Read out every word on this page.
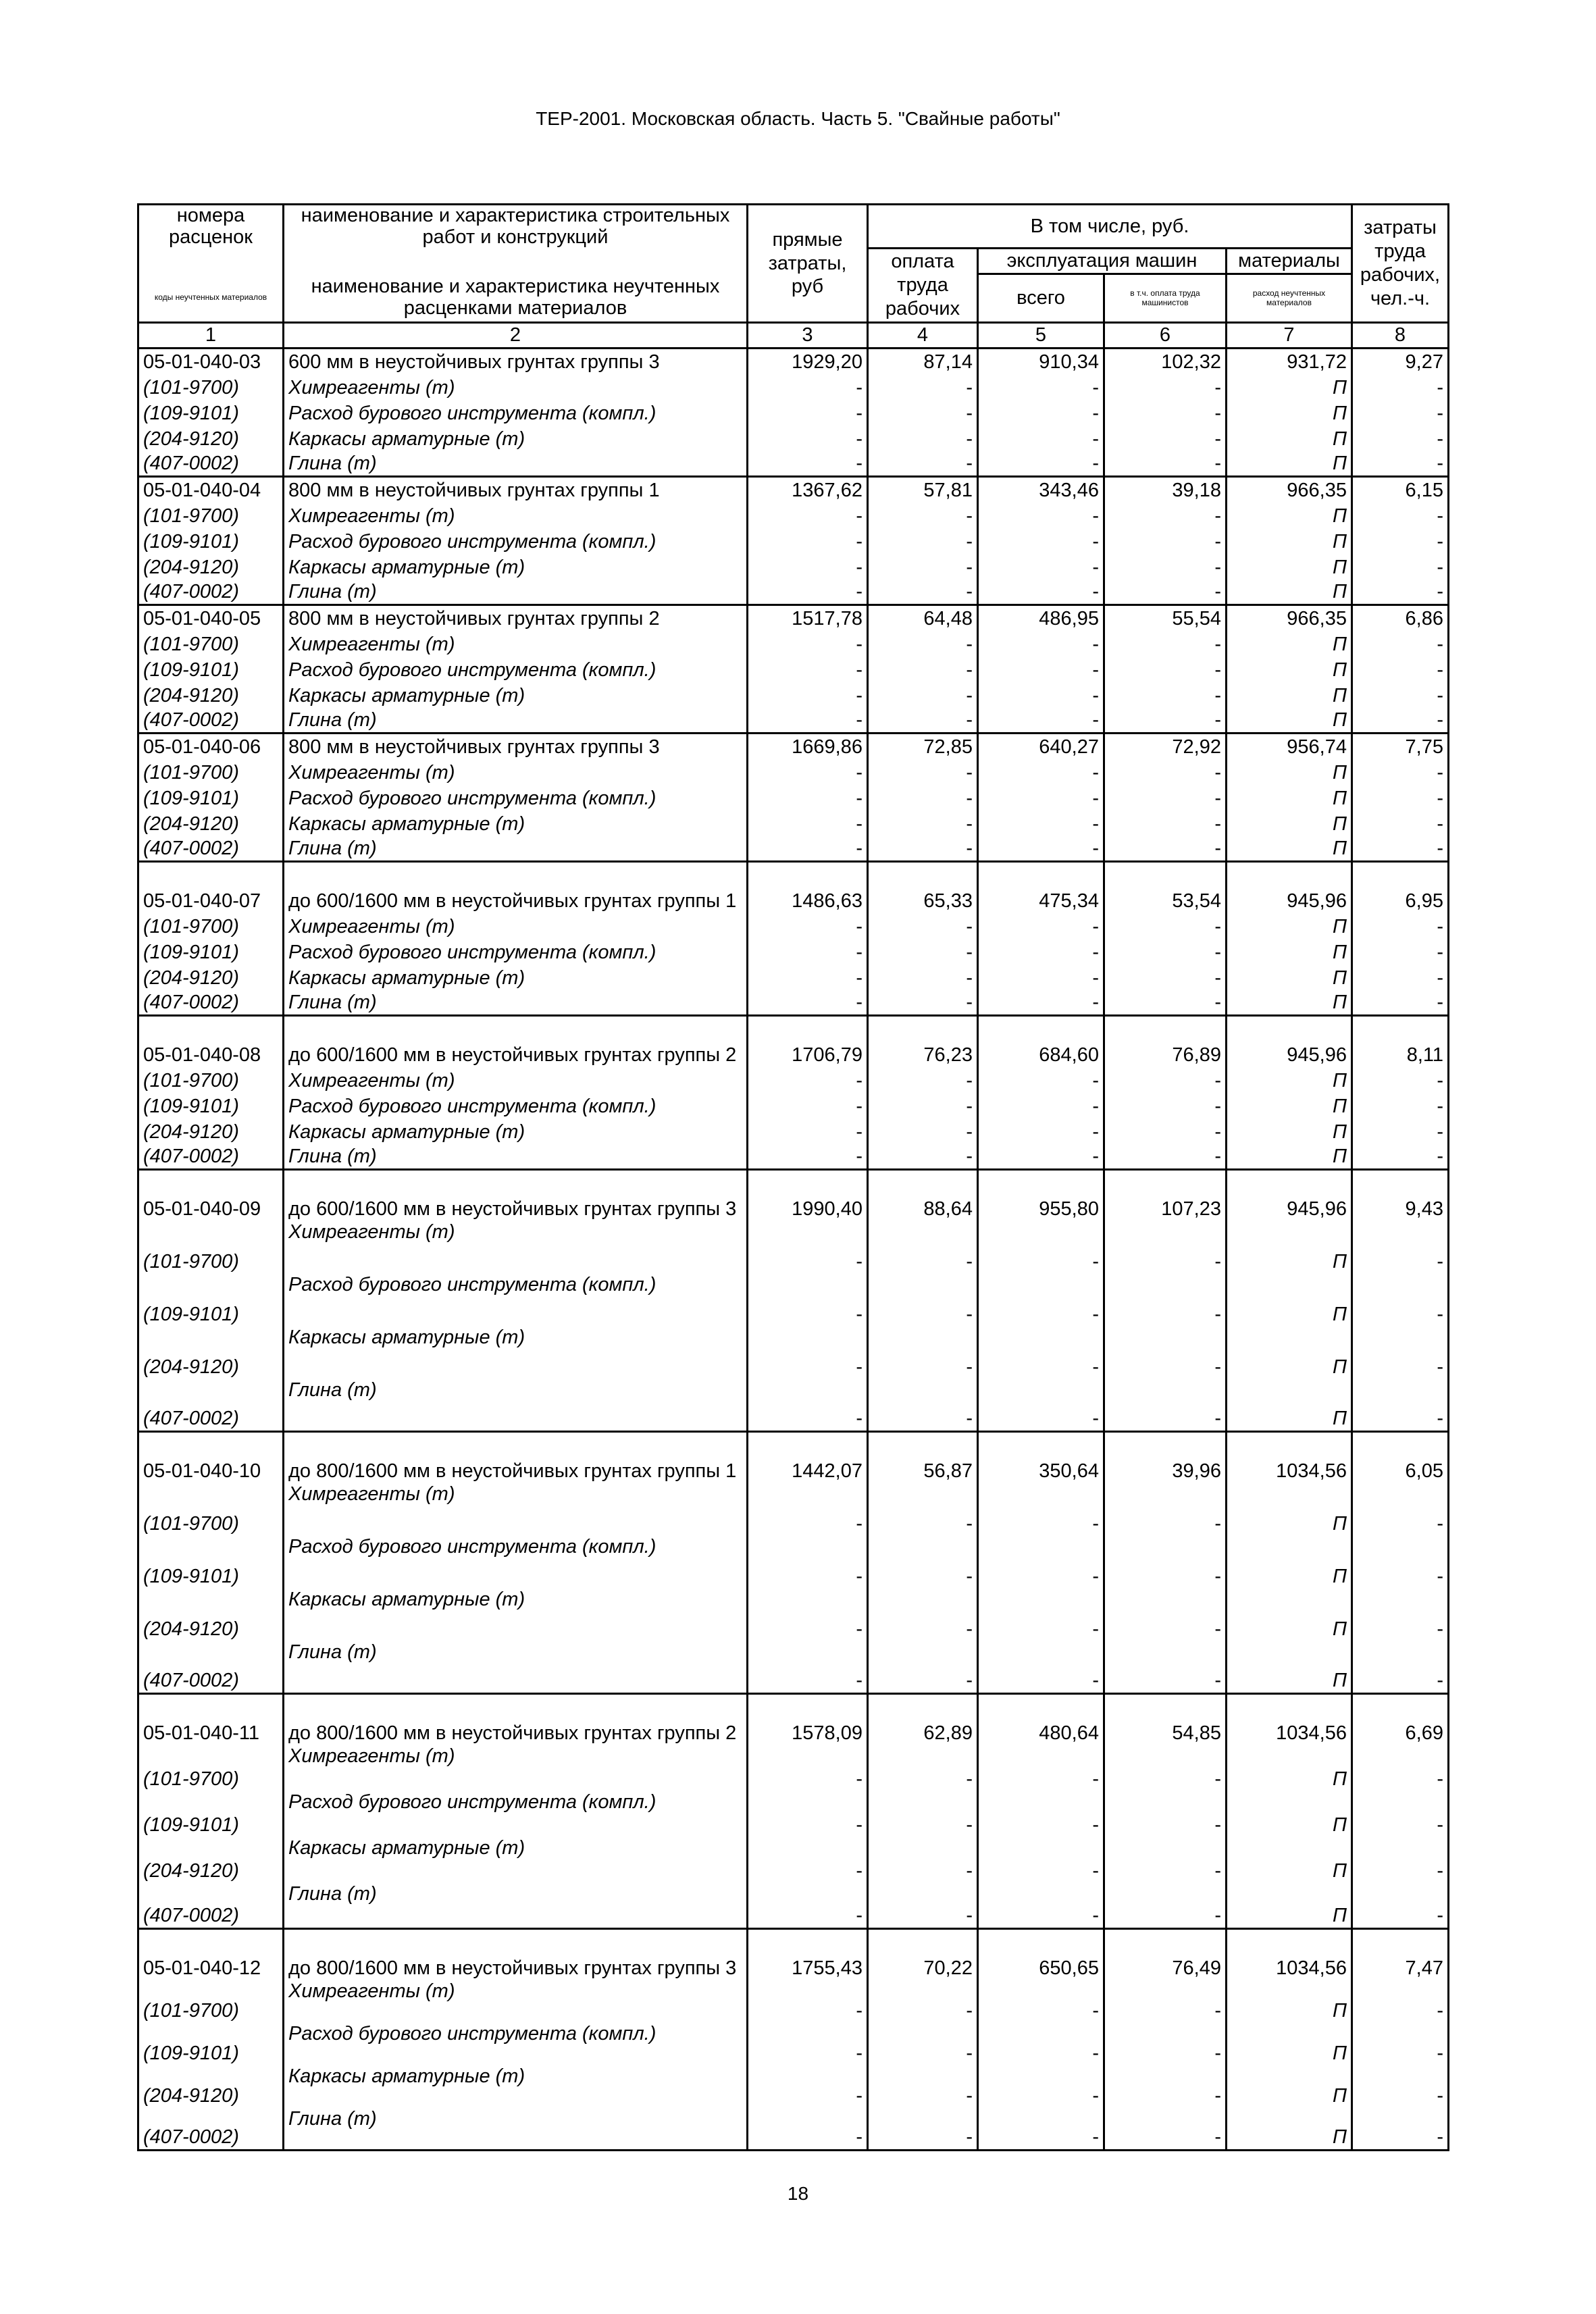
ТЕР-2001. Московская область. Часть 5. "Свайные работы"
номера расценок	наименование и характеристика строительных работ и конструкций	прямые затраты, руб	В том числе, руб.				затраты труда рабочих, чел.-ч.
			оплата труда рабочих	эксплуатация машин		материалы	
коды неучтенных материалов	наименование и характеристика неучтенных расценками материалов			всего	в т.ч. оплата труда машинистов	расход неучтенных материалов	
1	2	3	4	5	6	7	8
05-01-040-03	600 мм в неустойчивых грунтах группы 3	1929,20	87,14	910,34	102,32	931,72	9,27
(101-9700)	Химреагенты (т)	-	-	-	-	П	-
(109-9101)	Расход бурового инструмента (компл.)	-	-	-	-	П	-
(204-9120)	Каркасы арматурные (т)	-	-	-	-	П	-
(407-0002)	Глина (т)	-	-	-	-	П	-
05-01-040-04	800 мм в неустойчивых грунтах группы 1	1367,62	57,81	343,46	39,18	966,35	6,15
(101-9700)	Химреагенты (т)	-	-	-	-	П	-
(109-9101)	Расход бурового инструмента (компл.)	-	-	-	-	П	-
(204-9120)	Каркасы арматурные (т)	-	-	-	-	П	-
(407-0002)	Глина (т)	-	-	-	-	П	-
05-01-040-05	800 мм в неустойчивых грунтах группы 2	1517,78	64,48	486,95	55,54	966,35	6,86
(101-9700)	Химреагенты (т)	-	-	-	-	П	-
(109-9101)	Расход бурового инструмента (компл.)	-	-	-	-	П	-
(204-9120)	Каркасы арматурные (т)	-	-	-	-	П	-
(407-0002)	Глина (т)	-	-	-	-	П	-
05-01-040-06	800 мм в неустойчивых грунтах группы 3	1669,86	72,85	640,27	72,92	956,74	7,75
(101-9700)	Химреагенты (т)	-	-	-	-	П	-
(109-9101)	Расход бурового инструмента (компл.)	-	-	-	-	П	-
(204-9120)	Каркасы арматурные (т)	-	-	-	-	П	-
(407-0002)	Глина (т)	-	-	-	-	П	-
05-01-040-07	до 600/1600 мм в неустойчивых грунтах группы 1	1486,63	65,33	475,34	53,54	945,96	6,95
(101-9700)	Химреагенты (т)	-	-	-	-	П	-
(109-9101)	Расход бурового инструмента (компл.)	-	-	-	-	П	-
(204-9120)	Каркасы арматурные (т)	-	-	-	-	П	-
(407-0002)	Глина (т)	-	-	-	-	П	-
05-01-040-08	до 600/1600 мм в неустойчивых грунтах группы 2	1706,79	76,23	684,60	76,89	945,96	8,11
(101-9700)	Химреагенты (т)	-	-	-	-	П	-
(109-9101)	Расход бурового инструмента (компл.)	-	-	-	-	П	-
(204-9120)	Каркасы арматурные (т)	-	-	-	-	П	-
(407-0002)	Глина (т)	-	-	-	-	П	-
05-01-040-09	до 600/1600 мм в неустойчивых грунтах группы 3	1990,40	88,64	955,80	107,23	945,96	9,43
(101-9700)	Химреагенты (т)	-	-	-	-	П	-
(109-9101)	Расход бурового инструмента (компл.)	-	-	-	-	П	-
(204-9120)	Каркасы арматурные (т)	-	-	-	-	П	-
(407-0002)	Глина (т)	-	-	-	-	П	-
05-01-040-10	до 800/1600 мм в неустойчивых грунтах группы 1	1442,07	56,87	350,64	39,96	1034,56	6,05
(101-9700)	Химреагенты (т)	-	-	-	-	П	-
(109-9101)	Расход бурового инструмента (компл.)	-	-	-	-	П	-
(204-9120)	Каркасы арматурные (т)	-	-	-	-	П	-
(407-0002)	Глина (т)	-	-	-	-	П	-
05-01-040-11	до 800/1600 мм в неустойчивых грунтах группы 2	1578,09	62,89	480,64	54,85	1034,56	6,69
(101-9700)	Химреагенты (т)	-	-	-	-	П	-
(109-9101)	Расход бурового инструмента (компл.)	-	-	-	-	П	-
(204-9120)	Каркасы арматурные (т)	-	-	-	-	П	-
(407-0002)	Глина (т)	-	-	-	-	П	-
05-01-040-12	до 800/1600 мм в неустойчивых грунтах группы 3	1755,43	70,22	650,65	76,49	1034,56	7,47
(101-9700)	Химреагенты (т)	-	-	-	-	П	-
(109-9101)	Расход бурового инструмента (компл.)	-	-	-	-	П	-
(204-9120)	Каркасы арматурные (т)	-	-	-	-	П	-
(407-0002)	Глина (т)	-	-	-	-	П	-
18
